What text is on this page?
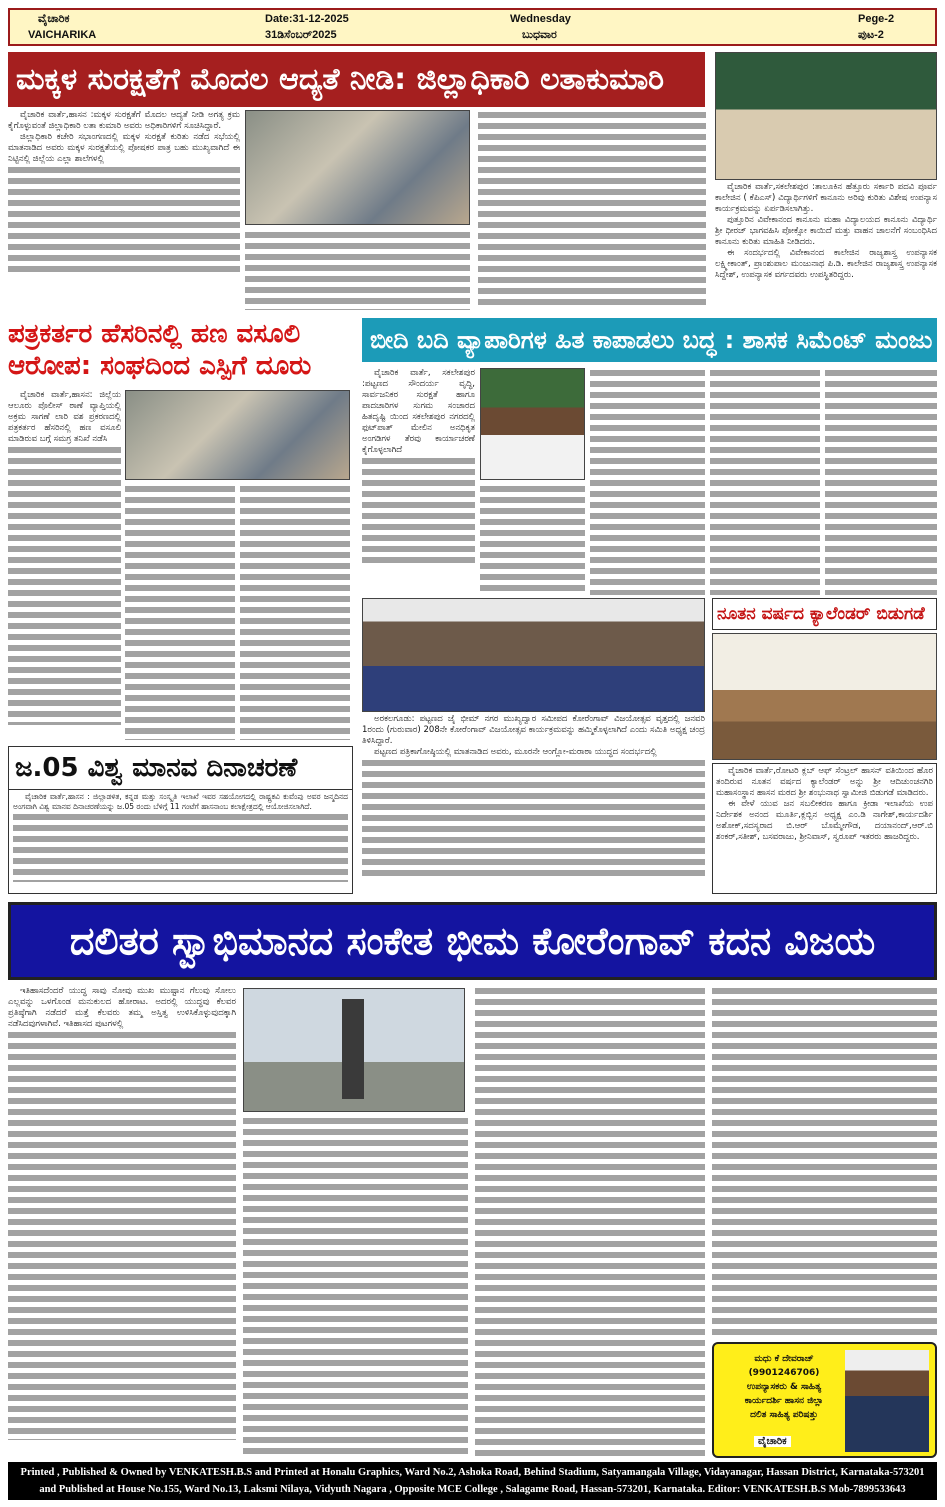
ವೈಚಾರಿಕ
VAICHARIKA
Date:31-12-2025
31ಡಿಸೆಂಬರ್2025
Wednesday
ಬುಧವಾರ
Pege-2
ಪುಟ-2
ಮಕ್ಕಳ ಸುರಕ್ಷತೆಗೆ ಮೊದಲ ಆದ್ಯತೆ ನೀಡಿ: ಜಿಲ್ಲಾಧಿಕಾರಿ ಲತಾಕುಮಾರಿ

ವೈಚಾರಿಕ ವಾರ್ತೆ,ಹಾಸನ :ಮಕ್ಕಳ ಸುರಕ್ಷತೆಗೆ ಮೊದಲ ಆದ್ಯತೆ ನೀಡಿ ಅಗತ್ಯ ಕ್ರಮ ಕೈಗೊಳ್ಳುವಂತೆ ಜಿಲ್ಲಾಧಿಕಾರಿ ಲತಾ ಕುಮಾರಿ ಅವರು ಅಧಿಕಾರಿಗಳಿಗೆ ಸೂಚಿಸಿದ್ದಾರೆ.

ಜಿಲ್ಲಾಧಿಕಾರಿ ಕಚೇರಿ ಸಭಾಂಗಣದಲ್ಲಿ ಮಕ್ಕಳ ಸುರಕ್ಷತೆ ಕುರಿತು ನಡೆದ ಸಭೆಯಲ್ಲಿ ಮಾತನಾಡಿದ ಅವರು ಮಕ್ಕಳ ಸುರಕ್ಷತೆಯಲ್ಲಿ ಪೋಷಕರ ಪಾತ್ರ ಬಹು ಮುಖ್ಯವಾಗಿದೆ ಈ ನಿಟ್ಟಿನಲ್ಲಿ ಜಿಲ್ಲೆಯ ಎಲ್ಲಾ ಶಾಲೆಗಳಲ್ಲಿ

ವೈಚಾರಿಕ ವಾರ್ತೆ,ಸಕಲೇಶಪುರ :ತಾಲೂಕಿನ ಹೆತ್ತೂರು ಸರ್ಕಾರಿ ಪದವಿ ಪೂರ್ವ ಕಾಲೇಜಿನ ( ಕೆಪಿಎಸ್) ವಿದ್ಯಾರ್ಥಿಗಳಿಗೆ ಕಾನೂನು ಅರಿವು ಕುರಿತು ವಿಶೇಷ ಉಪನ್ಯಾಸ ಕಾರ್ಯಕ್ರಮವನ್ನು ಏರ್ಪಡಿಸಲಾಗಿತ್ತು.

ಪುತ್ತೂರಿನ ವಿವೇಕಾನಂದ ಕಾನೂನು ಮಹಾ ವಿದ್ಯಾಲಯದ ಕಾನೂನು ವಿದ್ಯಾರ್ಥಿ ಶ್ರೀ ಧೀರಜ್ ಭಾಗವಹಿಸಿ ಪೋಕ್ಸೋ ಕಾಯಿದೆ ಮತ್ತು ವಾಹನ ಚಾಲನೆಗೆ ಸಂಬಂಧಿಸಿದ ಕಾನೂನು ಕುರಿತು ಮಾಹಿತಿ ನೀಡಿದರು.

ಈ ಸಂದರ್ಭದಲ್ಲಿ ವಿವೇಕಾನಂದ ಕಾಲೇಜಿನ ರಾಜ್ಯಶಾಸ್ತ್ರ ಉಪನ್ಯಾಸಕ ಲಕ್ಷ್ಮೀಕಾಂತ್, ಪ್ರಾಂಶುಪಾಲ ಮಂಜುನಾಥ ಪಿ.ಡಿ. ಕಾಲೇಜಿನ ರಾಜ್ಯಶಾಸ್ತ್ರ ಉಪನ್ಯಾಸಕ ಸಿದ್ದೇಶ್, ಉಪನ್ಯಾಸಕ ವರ್ಗದವರು ಉಪಸ್ಥಿತರಿದ್ದರು.

ಪತ್ರಕರ್ತರ ಹೆಸರಿನಲ್ಲಿ ಹಣ ವಸೂಲಿ ಆರೋಪ: ಸಂಘದಿಂದ ಎಸ್ಪಿಗೆ ದೂರು

ವೈಚಾರಿಕ ವಾರ್ತೆ,ಹಾಸನ: ಜಿಲ್ಲೆಯ ಆಲೂರು ಪೊಲೀಸ್ ಠಾಣೆ ವ್ಯಾಪ್ತಿಯಲ್ಲಿ ಅಕ್ರಮ ಸಾಗಣೆ ಲಾರಿ ವಶ ಪ್ರಕರಣದಲ್ಲಿ ಪತ್ರಕರ್ತರ ಹೆಸರಿನಲ್ಲಿ ಹಣ ವಸೂಲಿ ಮಾಡಿರುವ ಬಗ್ಗೆ ಸಮಗ್ರ ತನಿಖೆ ನಡೆಸಿ

ಬೀದಿ ಬದಿ ವ್ಯಾಪಾರಿಗಳ ಹಿತ ಕಾಪಾಡಲು ಬದ್ಧ : ಶಾಸಕ ಸಿಮೆಂಟ್ ಮಂಜು

ವೈಚಾರಿಕ ವಾರ್ತೆ, ಸಕಲೇಶಪುರ :ಪಟ್ಟಣದ ಸೌಂದರ್ಯ ವೃದ್ಧಿ, ಸಾರ್ವಜನಿಕರ ಸುರಕ್ಷತೆ ಹಾಗೂ ಪಾದಚಾರಿಗಳ ಸುಗಮ ಸಂಚಾರದ ಹಿತದೃಷ್ಟಿ ಯಿಂದ ಸಕಲೇಶಪುರ ನಗರದಲ್ಲಿ ಫುಟ್‌ಪಾತ್ ಮೇಲಿನ ಅನಧಿಕೃತ ಅಂಗಡಿಗಳ ತೆರವು ಕಾರ್ಯಾಚರಣೆ ಕೈಗೊಳ್ಳಲಾಗಿದೆ

ಅರಕಲಗೂಡು: ಪಟ್ಟಣದ ಜೈ ಭೀಮ್ ನಗರ ಮುಖ್ಯದ್ವಾರ ಸಮೀಪದ ಕೋರೆಂಗಾವ್ ವಿಜಯೋತ್ಸವ ವೃತ್ತದಲ್ಲಿ ಜನವರಿ 1ರಂದು (ಗುರುವಾರ) 208ನೇ ಕೋರೆಂಗಾವ್ ವಿಜಯೋತ್ಸವ ಕಾರ್ಯಕ್ರಮವನ್ನು ಹಮ್ಮಿಕೊಳ್ಳಲಾಗಿದೆ ಎಂದು ಸಮಿತಿ ಅಧ್ಯಕ್ಷ ಚಂದ್ರ ತಿಳಿಸಿದ್ದಾರೆ.

ಪಟ್ಟಣದ ಪತ್ರಿಕಾಗೋಷ್ಠಿಯಲ್ಲಿ ಮಾತನಾಡಿದ ಅವರು, ಮೂರನೇ ಆಂಗ್ಲೋ-ಮರಾಠಾ ಯುದ್ಧದ ಸಂದರ್ಭದಲ್ಲಿ

ನೂತನ ವರ್ಷದ ಕ್ಯಾಲೆಂಡರ್ ಬಿಡುಗಡೆ

ವೈಚಾರಿಕ ವಾರ್ತೆ,ರೋಟರಿ ಕ್ಲಬ್ ಆಫ್ ಸೆಂಟ್ರಲ್ ಹಾಸನ್ ವತಿಯಿಂದ ಹೊರ ತಂದಿರುವ ನೂತನ ವರ್ಷದ ಕ್ಯಾಲೆಂಡರ್ ಅನ್ನು ಶ್ರೀ ಆದಿಚುಂಚನಗಿರಿ ಮಹಾಸಂಸ್ಥಾನ ಹಾಸನ ಮಠದ ಶ್ರೀ ಶಂಭುನಾಥ ಸ್ವಾಮೀಜಿ ಬಿಡುಗಡೆ ಮಾಡಿದರು.

ಈ ವೇಳೆ ಯುವ ಜನ ಸಬಲೀಕರಣ ಹಾಗೂ ಕ್ರೀಡಾ ಇಲಾಖೆಯ ಉಪ ನಿರ್ದೇಶಕ ಅನಂದ ಮೂರ್ತಿ,ಕ್ಲಬ್ಬಿನ ಅಧ್ಯಕ್ಷ ಎಂ.ಡಿ ನಾಗೇಶ್,ಕಾರ್ಯದರ್ಶಿ ಅಶೋಕ್,ಸದಸ್ಯರಾದ ಬಿ.ಆರ್ ಬೊಮ್ಮೇಗೌಡ, ದಯಾನಂದ್,ಆರ್.ಬಿ ಶಂಕರ್,ಸತೀಶ್, ಬಸವರಾಜು, ಶ್ರೀನಿವಾಸ್, ಸ್ವರೂಪ್ ಇತರರು ಹಾಜರಿದ್ದರು.

ಜ.05 ವಿಶ್ವ ಮಾನವ ದಿನಾಚರಣೆ

ವೈಚಾರಿಕ ವಾರ್ತೆ,ಹಾಸನ : ಜಿಲ್ಲಾಡಳಿತ, ಕನ್ನಡ ಮತ್ತು ಸಂಸ್ಕೃತಿ ಇಲಾಖೆ ಇವರ ಸಹಯೋಗದಲ್ಲಿ ರಾಷ್ಟ್ರಕವಿ ಕುವೆಂಪು ಅವರ ಜನ್ಮದಿನದ ಅಂಗವಾಗಿ ವಿಶ್ವ ಮಾನವ ದಿನಾಚರಣೆಯನ್ನು ಜ.05 ರಂದು ಬೆಳಿಗ್ಗೆ 11 ಗಂಟೆಗೆ ಹಾಸನಾಂಬ ಕಲಾಕ್ಷೇತ್ರದಲ್ಲಿ ಆಯೋಜಿಸಲಾಗಿದೆ.

ದಲಿತರ ಸ್ವಾಭಿಮಾನದ ಸಂಕೇತ ಭೀಮ ಕೋರೆಂಗಾವ್ ಕದನ ವಿಜಯ

ಇತಿಹಾಸದೆಂದರೆ ಯುದ್ಧ ಸಾವು ನೋವು ಮುಖ ಮುಷ್ಟಾನ ಗೆಲುವು ಸೋಲು ಎಲ್ಲವನ್ನು ಒಳಗೊಂಡ ಮನುಕುಲದ ಹೋರಾಟ. ಅದರಲ್ಲಿ ಯುದ್ಧವು ಕೆಲವರ ಪ್ರತಿಷ್ಠೆಗಾಗಿ ನಡೆದರೆ ಮತ್ತೆ ಕೆಲವರು ತಮ್ಮ ಅಸ್ತಿತ್ವ ಉಳಿಸಿಕೊಳ್ಳುವುದಕ್ಕಾಗಿ ನಡೆಸಿದವುಗಳಾಗಿವೆ. ಇತಿಹಾಸದ ಪುಟಗಳಲ್ಲಿ

ಮಧು ಕೆ ದೇವರಾಜ್
(9901246706)
ಉಪನ್ಯಾಸಕರು & ಸಾಹಿತ್ಯ
ಕಾರ್ಯದರ್ಶಿ ಹಾಸನ ಜಿಲ್ಲಾ
ದಲಿತ ಸಾಹಿತ್ಯ ಪರಿಷತ್ತು
ವೈಚಾರಿಕ
Printed , Published & Owned by VENKATESH.B.S and Printed at Honalu Graphics, Ward No.2, Ashoka Road, Behind Stadium, Satyamangala Village, Vidayanagar, Hassan District, Karnataka-573201
and Published at House No.155, Ward No.13, Laksmi Nilaya, Vidyuth Nagara , Opposite MCE College , Salagame Road, Hassan-573201, Karnataka. Editor: VENKATESH.B.S Mob-7899533643
